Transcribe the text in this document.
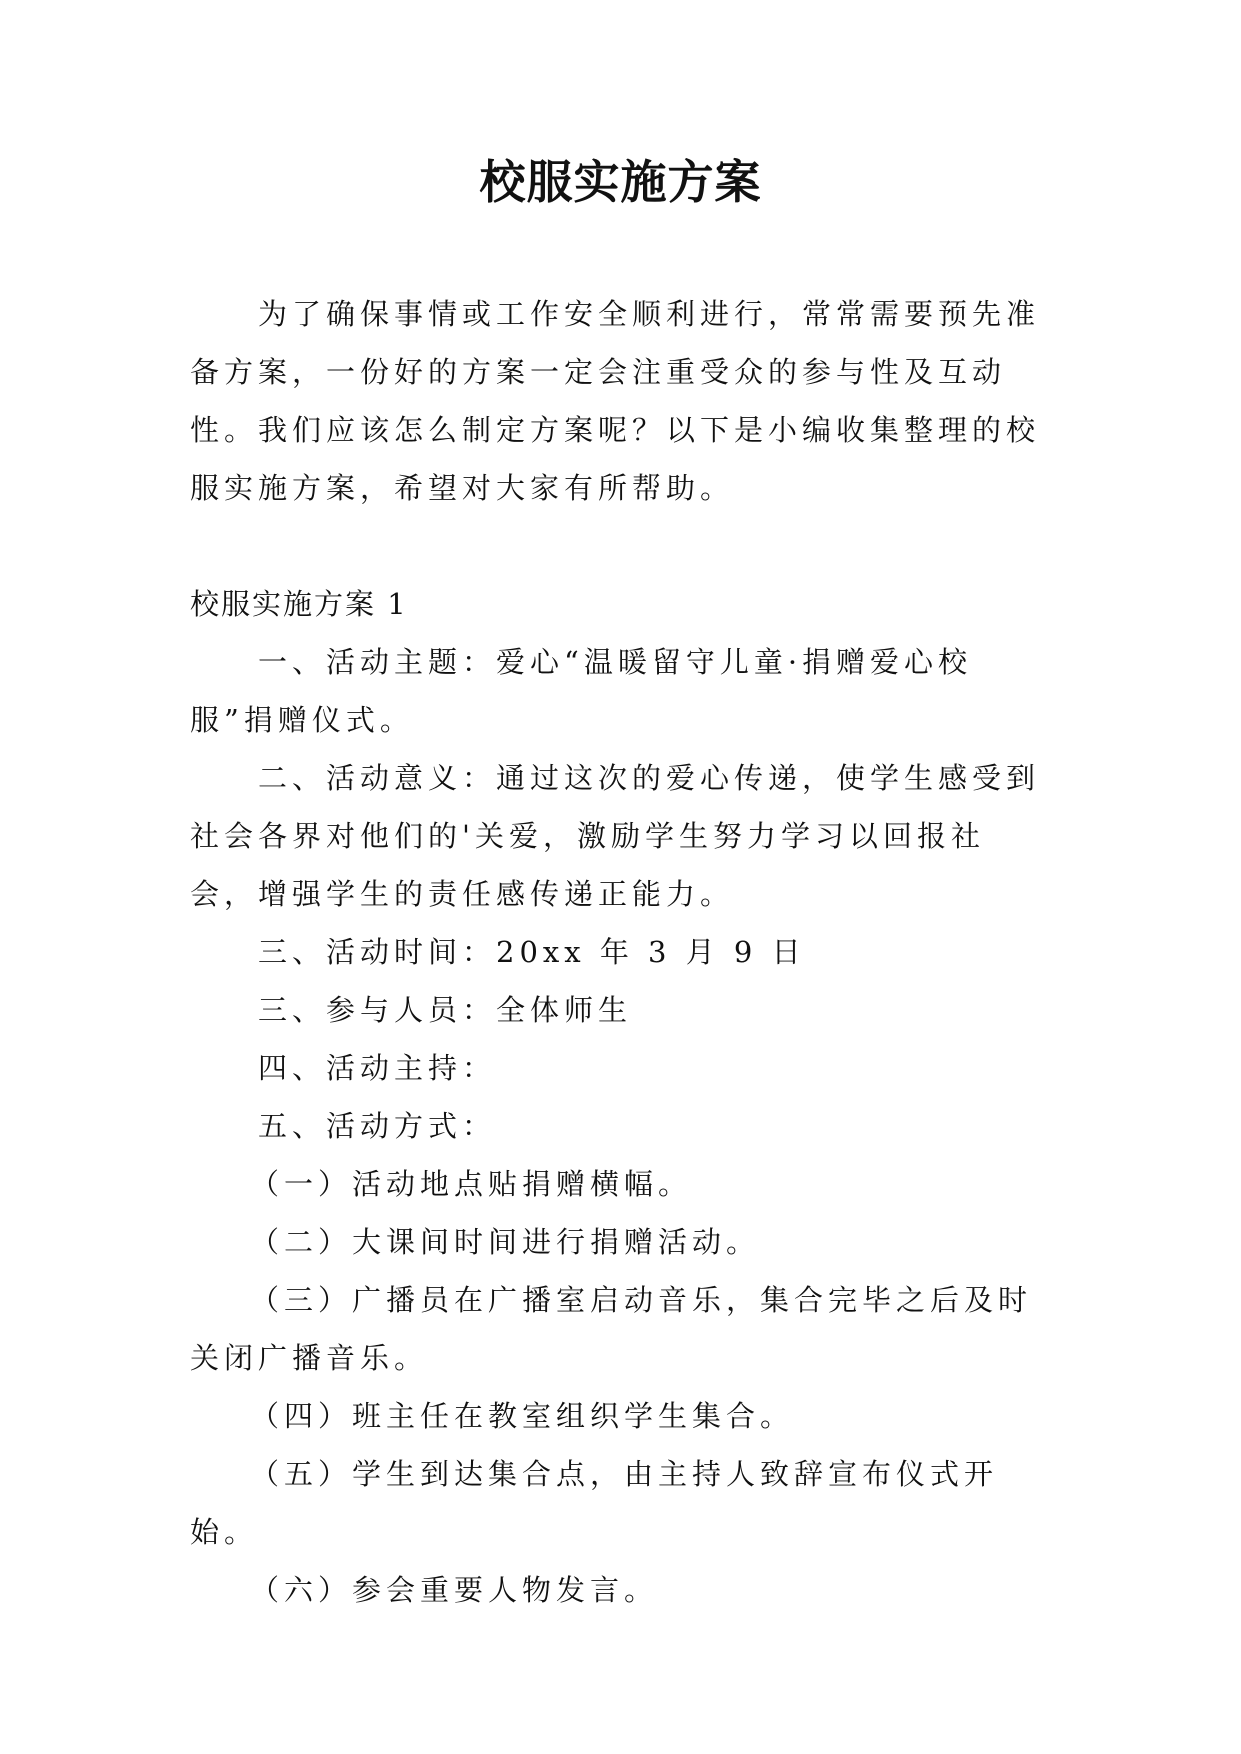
校服实施方案

为了确保事情或工作安全顺利进行，常常需要预先准备方案，一份好的方案一定会注重受众的参与性及互动性。我们应该怎么制定方案呢？以下是小编收集整理的校服实施方案，希望对大家有所帮助。

校服实施方案 1

一、活动主题：爱心“温暖留守儿童·捐赠爱心校服”捐赠仪式。

二、活动意义：通过这次的爱心传递，使学生感受到社会各界对他们的'关爱，激励学生努力学习以回报社会，增强学生的责任感传递正能力。

三、活动时间：20xx 年 3 月 9 日

三、参与人员：全体师生

四、活动主持：

五、活动方式：

（一）活动地点贴捐赠横幅。

（二）大课间时间进行捐赠活动。

（三）广播员在广播室启动音乐，集合完毕之后及时关闭广播音乐。

（四）班主任在教室组织学生集合。

（五）学生到达集合点，由主持人致辞宣布仪式开始。

（六）参会重要人物发言。
